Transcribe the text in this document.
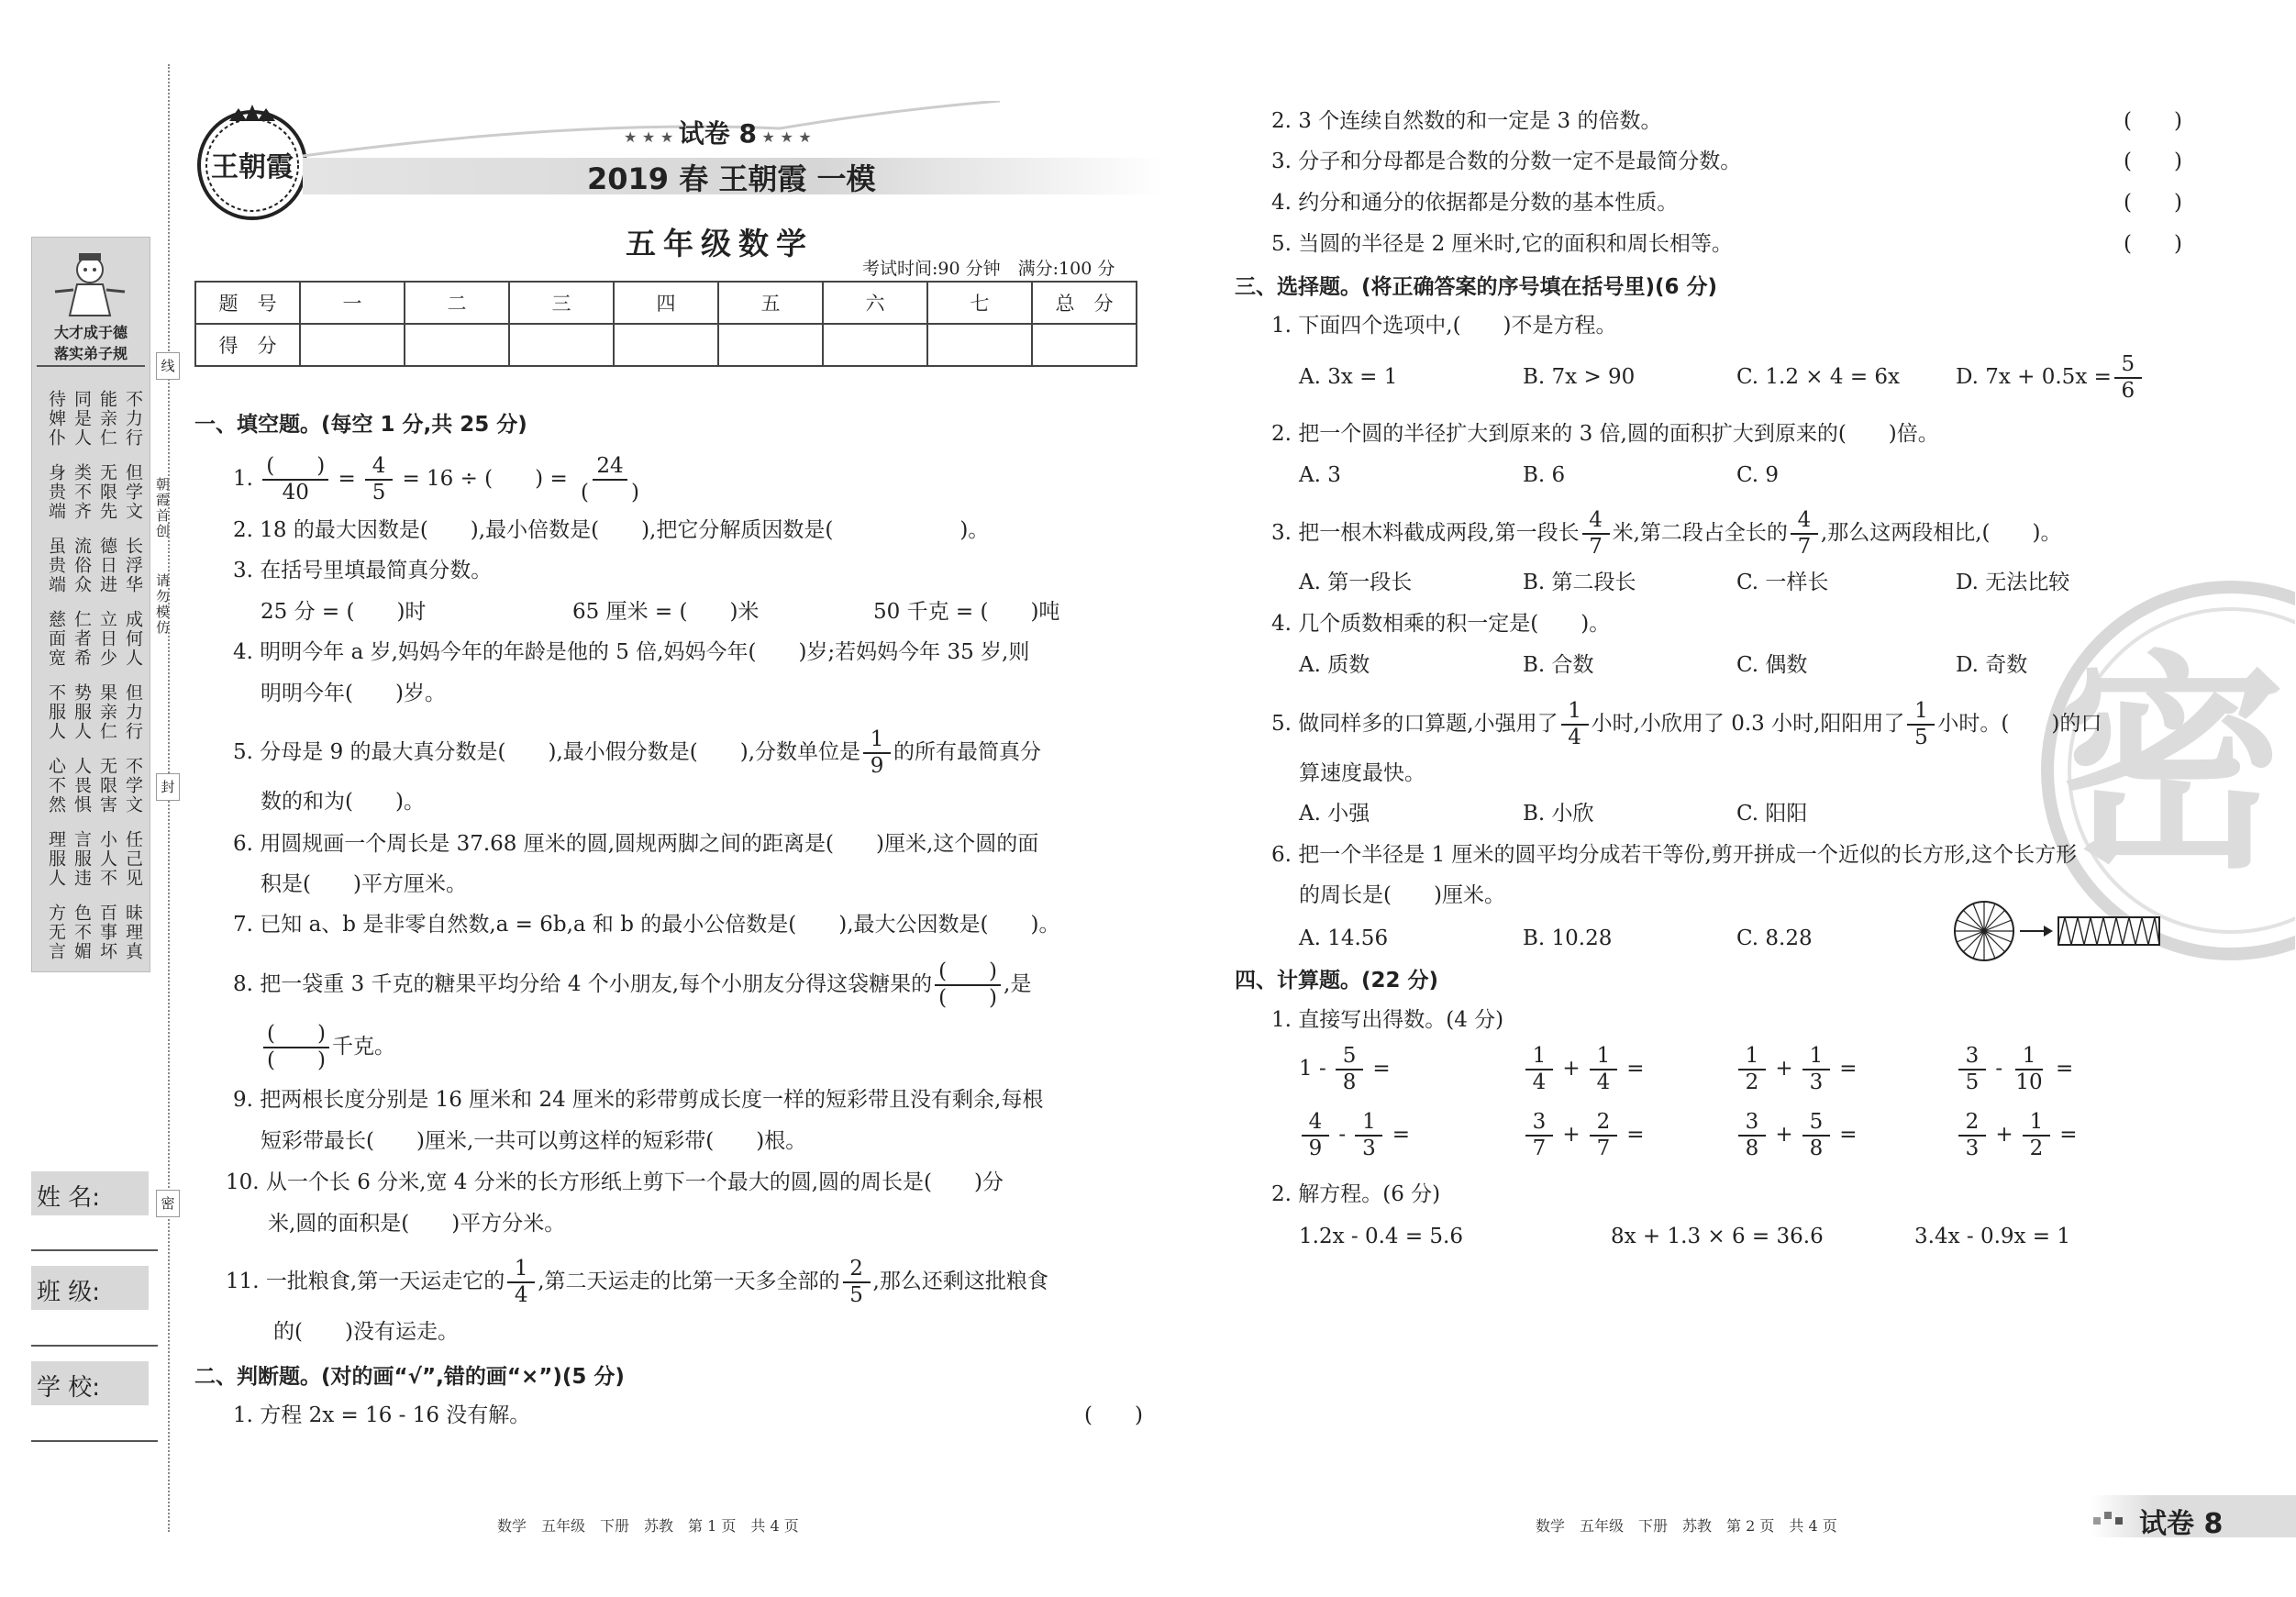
大才成于德
落实弟子规
不力行
能亲仁
同是人
待婢仆
但学文
无限先
类不齐
身贵端
长浮华
德日进
流俗众
虽贵端
成何人
立日少
仁者希
慈面宽
但力行
果亲仁
势服人
不服人
不学文
无限害
人畏惧
心不然
任己见
小人不
言服违
理服人
昧理真
百事坏
色不媚
方无言
朝霞首创
请勿模仿
线
封
密
姓 名:
班 级:
学 校:
王朝霞
★ ★ ★ 试卷 8 ★ ★ ★
2019 春 王朝霞 一模
五年级数学
考试时间:90 分钟　满分:100 分
题　号	一	二	三	四	五	六	七	总　分
得　分								
一、填空题。(每空 1 分,共 25 分)
1. $\frac{( )}{40} = \frac{4}{5} = 16$ ÷ (　　) = $\frac{24}{( )}$
2. 18 的最大因数是(　　),最小倍数是(　　),把它分解质因数是(　　　　　　)。
3. 在括号里填最简真分数。
25 分 = (　　)时	65 厘米 = (　　)米	50 千克 = (　　)吨
4. 明明今年 a 岁,妈妈今年的年龄是他的 5 倍,妈妈今年(　　)岁;若妈妈今年 35 岁,则
明明今年(　　)岁。
5. 分母是 9 的最大真分数是(　　),最小假分数是(　　),分数单位是 $\frac{1}{9}$ 的所有最简真分
数的和为(　　)。
6. 用圆规画一个周长是 37.68 厘米的圆,圆规两脚之间的距离是(　　)厘米,这个圆的面
积是(　　)平方厘米。
7. 已知 a、b 是非零自然数,a = 6b,a 和 b 的最小公倍数是(　　),最大公因数是(　　)。
8. 把一袋重 3 千克的糖果平均分给 4 个小朋友,每个小朋友分得这袋糖果的 $\frac{( )}{( )}$ ,是
$\frac{( )}{( )}$ 千克。
9. 把两根长度分别是 16 厘米和 24 厘米的彩带剪成长度一样的短彩带且没有剩余,每根
短彩带最长(　　)厘米,一共可以剪这样的短彩带(　　)根。
10. 从一个长 6 分米,宽 4 分米的长方形纸上剪下一个最大的圆,圆的周长是(　　)分
米,圆的面积是(　　)平方分米。
11. 一批粮食,第一天运走它的 $\frac{1}{4}$ ,第二天运走的比第一天多全部的 $\frac{2}{5}$ ,那么还剩这批粮食
的(　　)没有运走。
二、判断题。(对的画“√”,错的画“×”)(5 分)
1. 方程 2x = 16 - 16 没有解。	(　　)
数学　五年级　下册　苏教　第 1 页　共 4 页
2. 3 个连续自然数的和一定是 3 的倍数。	(　　)
3. 分子和分母都是合数的分数一定不是最简分数。	(　　)
4. 约分和通分的依据都是分数的基本性质。	(　　)
5. 当圆的半径是 2 厘米时,它的面积和周长相等。	(　　)
密
三、选择题。(将正确答案的序号填在括号里)(6 分)
1. 下面四个选项中,(　　)不是方程。
A. 3x = 1	B. 7x > 90	C. 1.2 × 4 = 6x	D. $7x + 0.5x = \frac{5}{6}$
2. 把一个圆的半径扩大到原来的 3 倍,圆的面积扩大到原来的(　　)倍。
A. 3	B. 6	C. 9
3. 把一根木料截成两段,第一段长 $\frac{4}{7}$ 米,第二段占全长的 $\frac{4}{7}$ ,那么这两段相比,(　　)。
A. 第一段长	B. 第二段长	C. 一样长	D. 无法比较
4. 几个质数相乘的积一定是(　　)。
A. 质数	B. 合数	C. 偶数	D. 奇数
5. 做同样多的口算题,小强用了 $\frac{1}{4}$ 小时,小欣用了 0.3 小时,阳阳用了 $\frac{1}{5}$ 小时。(　　)的口
算速度最快。
A. 小强	B. 小欣	C. 阳阳
6. 把一个半径是 1 厘米的圆平均分成若干等份,剪开拼成一个近似的长方形,这个长方形
的周长是(　　)厘米。
A. 14.56	B. 10.28	C. 8.28
四、计算题。(22 分)
1. 直接写出得数。(4 分)
$1 - \frac{5}{8}$ =	$\frac{1}{4} + \frac{1}{4}$ =	$\frac{1}{2} + \frac{1}{3}$ =	$\frac{3}{5} - \frac{1}{10}$ =
$\frac{4}{9} - \frac{1}{3}$ =	$\frac{3}{7} + \frac{2}{7}$ =	$\frac{3}{8} + \frac{5}{8}$ =	$\frac{2}{3} + \frac{1}{2}$ =
2. 解方程。(6 分)
1.2x - 0.4 = 5.6	8x + 1.3 × 6 = 36.6	3.4x - 0.9x = 1
数学　五年级　下册　苏教　第 2 页　共 4 页	试卷 8
